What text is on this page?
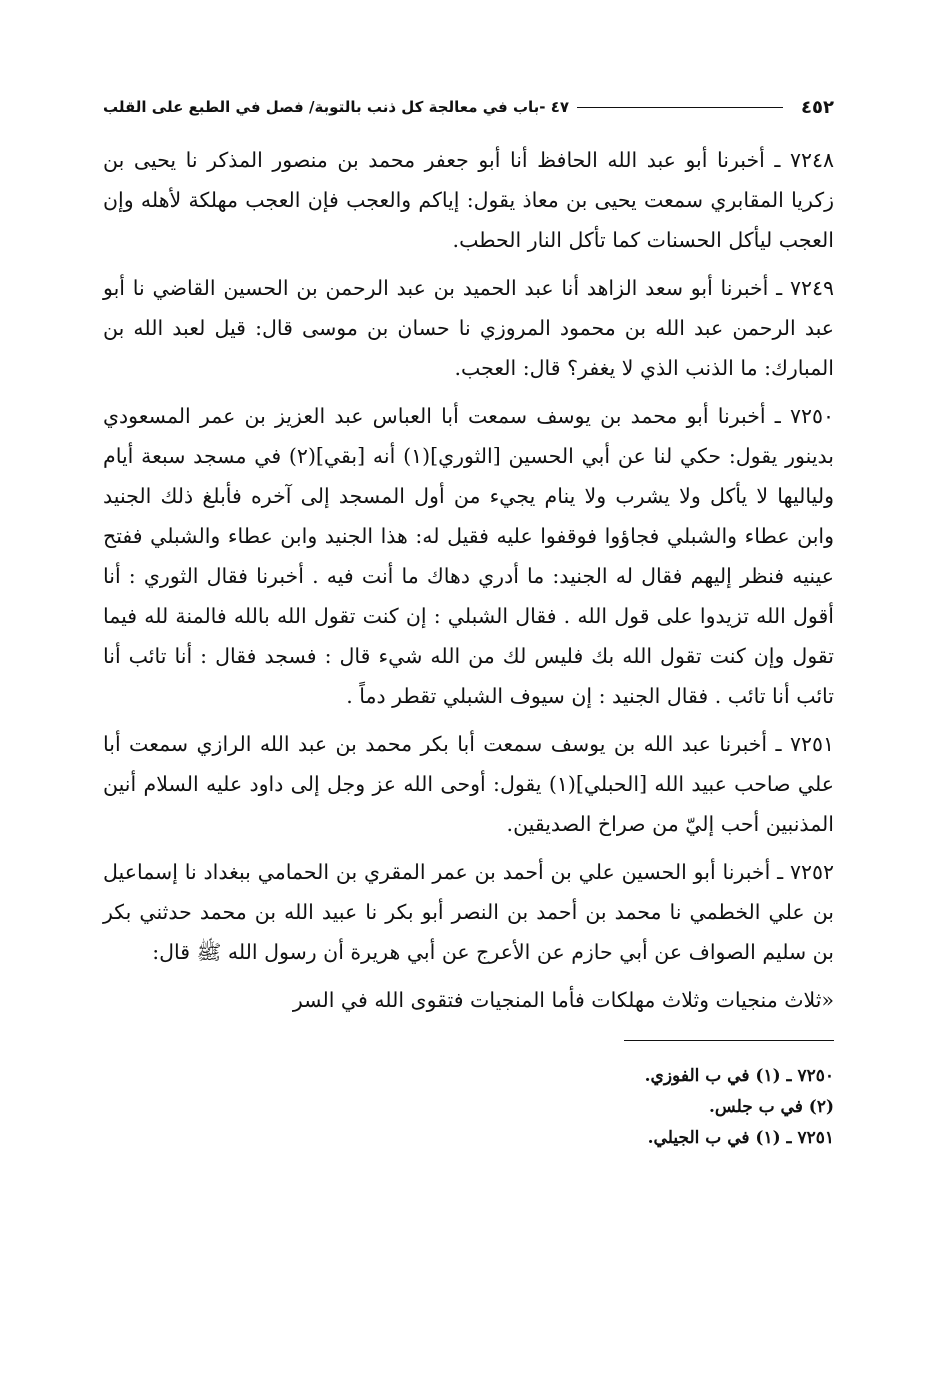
٤٥٢
٤٧ -باب في معالجة كل ذنب بالتوبة/ فصل في الطبع على القلب

٧٢٤٨ ـ أخبرنا أبو عبد الله الحافظ أنا أبو جعفر محمد بن منصور المذكر نا يحيى بن زكريا المقابري سمعت يحيى بن معاذ يقول: إياكم والعجب فإن العجب مهلكة لأهله وإن العجب ليأكل الحسنات كما تأكل النار الحطب.

٧٢٤٩ ـ أخبرنا أبو سعد الزاهد أنا عبد الحميد بن عبد الرحمن بن الحسين القاضي نا أبو عبد الرحمن عبد الله بن محمود المروزي نا حسان بن موسى قال: قيل لعبد الله بن المبارك: ما الذنب الذي لا يغفر؟ قال: العجب.

٧٢٥٠ ـ أخبرنا أبو محمد بن يوسف سمعت أبا العباس عبد العزيز بن عمر المسعودي بدينور يقول: حكي لنا عن أبي الحسين [الثوري](١) أنه [بقي](٢) في مسجد سبعة أيام ولياليها لا يأكل ولا يشرب ولا ينام يجيء من أول المسجد إلى آخره فأبلغ ذلك الجنيد وابن عطاء والشبلي فجاؤوا فوقفوا عليه فقيل له: هذا الجنيد وابن عطاء والشبلي ففتح عينيه فنظر إليهم فقال له الجنيد: ما أدري دهاك ما أنت فيه . أخبرنا فقال الثوري : أنا أقول الله تزيدوا على قول الله . فقال الشبلي : إن كنت تقول الله بالله فالمنة لله فيما تقول وإن كنت تقول الله بك فليس لك من الله شيء قال : فسجد فقال : أنا تائب أنا تائب أنا تائب . فقال الجنيد : إن سيوف الشبلي تقطر دماً .

٧٢٥١ ـ أخبرنا عبد الله بن يوسف سمعت أبا بكر محمد بن عبد الله الرازي سمعت أبا علي صاحب عبيد الله [الحبلي](١) يقول: أوحى الله عز وجل إلى داود عليه السلام أنين المذنبين أحب إليّ من صراخ الصديقين.

٧٢٥٢ ـ أخبرنا أبو الحسين علي بن أحمد بن عمر المقري بن الحمامي ببغداد نا إسماعيل بن علي الخطمي نا محمد بن أحمد بن النصر أبو بكر نا عبيد الله بن محمد حدثني بكر بن سليم الصواف عن أبي حازم عن الأعرج عن أبي هريرة أن رسول الله ﷺ قال:

«ثلاث منجيات وثلاث مهلكات فأما المنجيات فتقوى الله في السر

٧٢٥٠ ـ (١) في ب الفوزي.
(٢) في ب جلس.
٧٢٥١ ـ (١) في ب الجيلي.
